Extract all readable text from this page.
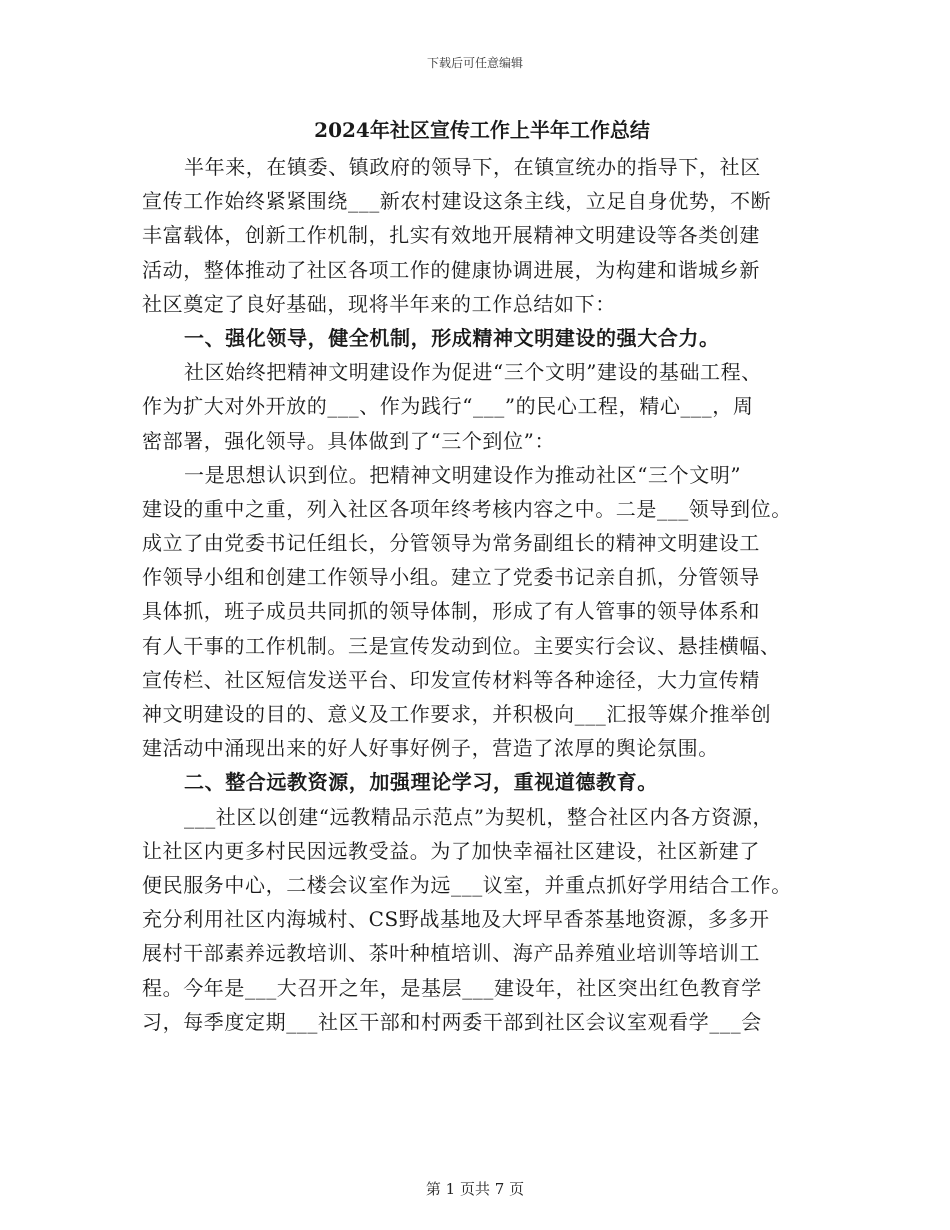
下载后可任意编辑
2024年社区宣传工作上半年工作总结
半年来，在镇委、镇政府的领导下，在镇宣统办的指导下，社区
宣传工作始终紧紧围绕___新农村建设这条主线，立足自身优势，不断
丰富载体，创新工作机制，扎实有效地开展精神文明建设等各类创建
活动，整体推动了社区各项工作的健康协调进展，为构建和谐城乡新
社区奠定了良好基础，现将半年来的工作总结如下：
一、强化领导，健全机制，形成精神文明建设的强大合力。
社区始终把精神文明建设作为促进“三个文明”建设的基础工程、
作为扩大对外开放的___、作为践行“___”的民心工程，精心___，周
密部署，强化领导。具体做到了“三个到位”：
一是思想认识到位。把精神文明建设作为推动社区“三个文明”
建设的重中之重，列入社区各项年终考核内容之中。二是___领导到位。
成立了由党委书记任组长，分管领导为常务副组长的精神文明建设工
作领导小组和创建工作领导小组。建立了党委书记亲自抓，分管领导
具体抓，班子成员共同抓的领导体制，形成了有人管事的领导体系和
有人干事的工作机制。三是宣传发动到位。主要实行会议、悬挂横幅、
宣传栏、社区短信发送平台、印发宣传材料等各种途径，大力宣传精
神文明建设的目的、意义及工作要求，并积极向___汇报等媒介推举创
建活动中涌现出来的好人好事好例子，营造了浓厚的舆论氛围。
二、整合远教资源，加强理论学习，重视道德教育。
___社区以创建“远教精品示范点”为契机，整合社区内各方资源，
让社区内更多村民因远教受益。为了加快幸福社区建设，社区新建了
便民服务中心，二楼会议室作为远___议室，并重点抓好学用结合工作。
充分利用社区内海城村、CS野战基地及大坪早香茶基地资源，多多开
展村干部素养远教培训、茶叶种植培训、海产品养殖业培训等培训工
程。今年是___大召开之年，是基层___建设年，社区突出红色教育学
习，每季度定期___社区干部和村两委干部到社区会议室观看学___会
第 1 页共 7 页
